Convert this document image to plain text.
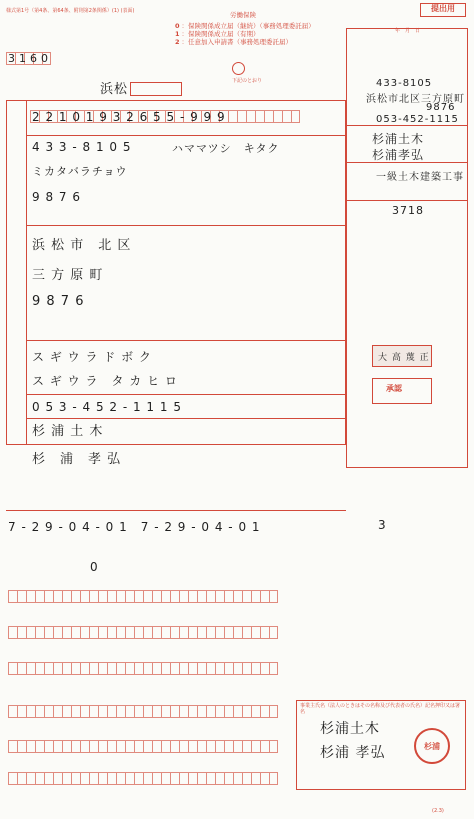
様式第1号（第4条、第64条、附則第2条関係）(1) (表面)	提出用
労働保険
0 ：保険関係成立届（継続）（事務処理委託届）
1 ：保険関係成立届（有期）
2 ：任意加入申請書（事務処理委託届）
年　月　日
3160
浜松
下記のとおり
2 2 1 0 1 9 3 2 6 5 5 - 9 9 9
4 3 3 - 8 1 0 5	ハママツシ　キタク
ミカタバラチョウ
9 8 7 6
浜 松 市　北 区
三 方 原 町
9 8 7 6
ス ギ ウ ラ ド ボ ク
ス ギ ウ ラ　タ カ ヒ ロ
0 5 3 - 4 5 2 - 1 1 1 5
杉 浦 土 木
杉　浦　孝 弘
7 - 2 9 - 0 4 - 0 1　7 - 2 9 - 0 4 - 0 1	3
0
433-8105
浜松市北区三方原町
9876
053-452-1115
杉浦土木
杉浦孝弘
一級土木建築工事
3718
大 高 蔑 正
承認
事業主氏名（法人のときはその名称及び代表者の氏名）記名押印又は署名
杉浦土木
杉浦 孝弘	杉浦
(2.3)
